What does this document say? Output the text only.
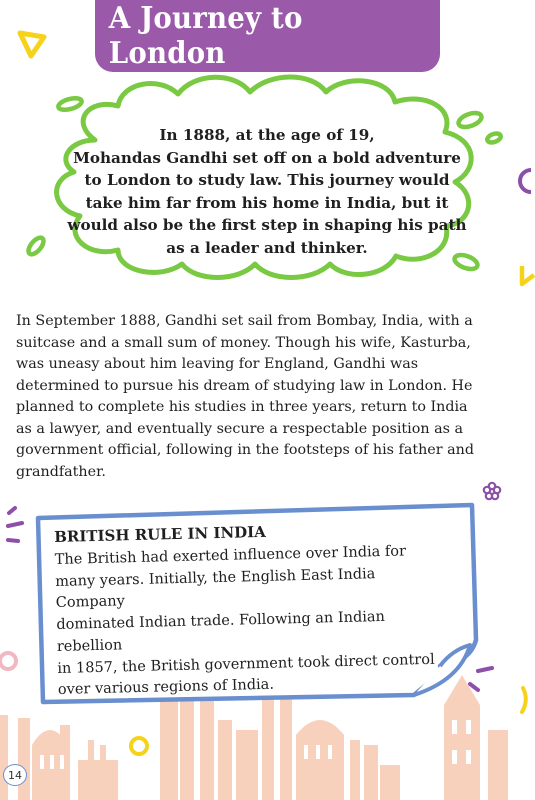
A Journey to London

In 1888, at the age of 19,

Mohandas Gandhi set off on a bold adventure

to London to study law. This journey would

take him far from his home in India, but it

would also be the first step in shaping his path

as a leader and thinker.

In September 1888, Gandhi set sail from Bombay, India, with a

suitcase and a small sum of money. Though his wife, Kasturba,

was uneasy about him leaving for England, Gandhi was

determined to pursue his dream of studying law in London. He

planned to complete his studies in three years, return to India

as a lawyer, and eventually secure a respectable position as a

government official, following in the footsteps of his father and

grandfather.

BRITISH RULE IN INDIA

The British had exerted influence over India for

many years. Initially, the English East India Company

dominated Indian trade. Following an Indian rebellion

in 1857, the British government took direct control

over various regions of India.

14
